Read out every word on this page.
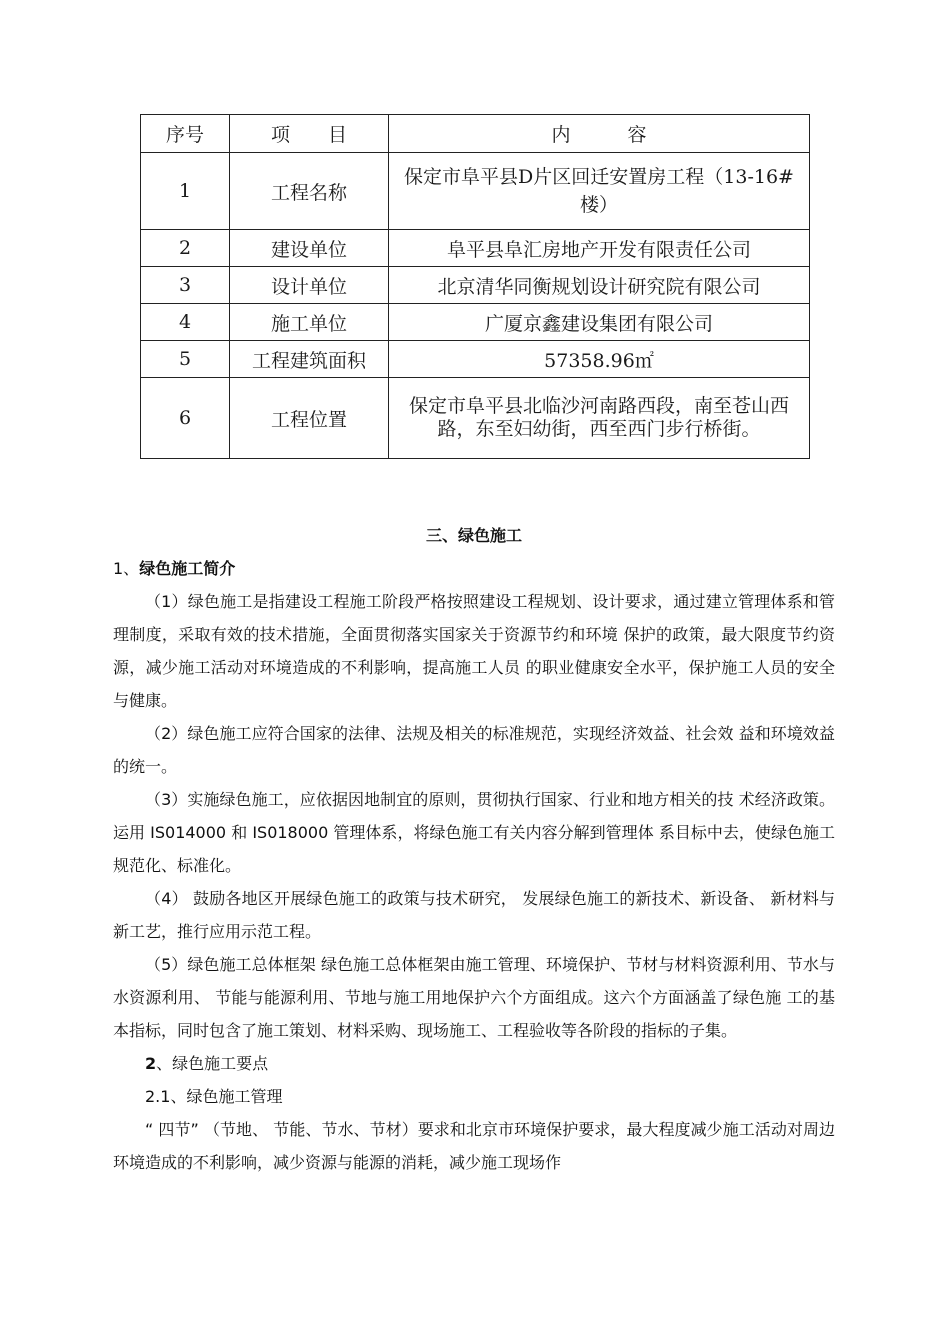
序号	项　　目	内　　　容
1	工程名称	保定市阜平县D片区回迁安置房工程（13-16#楼）
2	建设单位	阜平县阜汇房地产开发有限责任公司
3	设计单位	北京清华同衡规划设计研究院有限公司
4	施工单位	广厦京鑫建设集团有限公司
5	工程建筑面积	57358.96㎡
6	工程位置	保定市阜平县北临沙河南路西段，南至苍山西路，东至妇幼街，西至西门步行桥街。

三、绿色施工

1、绿色施工简介

（1）绿色施工是指建设工程施工阶段严格按照建设工程规划、设计要求，通过建立管理体系和管理制度，采取有效的技术措施，全面贯彻落实国家关于资源节约和环境 保护的政策，最大限度节约资源，减少施工活动对环境造成的不利影响，提高施工人员 的职业健康安全水平，保护施工人员的安全与健康。

（2）绿色施工应符合国家的法律、法规及相关的标准规范，实现经济效益、社会效 益和环境效益的统一。

（3）实施绿色施工，应依据因地制宜的原则，贯彻执行国家、行业和地方相关的技 术经济政策。运用 IS014000 和 IS018000 管理体系，将绿色施工有关内容分解到管理体 系目标中去，使绿色施工规范化、标准化。

（4） 鼓励各地区开展绿色施工的政策与技术研究， 发展绿色施工的新技术、新设备、 新材料与新工艺，推行应用示范工程。

（5）绿色施工总体框架 绿色施工总体框架由施工管理、环境保护、节材与材料资源利用、节水与水资源利用、 节能与能源利用、节地与施工用地保护六个方面组成。这六个方面涵盖了绿色施 工的基本指标，同时包含了施工策划、材料采购、现场施工、工程验收等各阶段的指标的子集。

2、绿色施工要点

2.1、绿色施工管理

“ 四节” （节地、 节能、节水、节材）要求和北京市环境保护要求，最大程度减少施工活动对周边环境造成的不利影响，减少资源与能源的消耗，减少施工现场作
